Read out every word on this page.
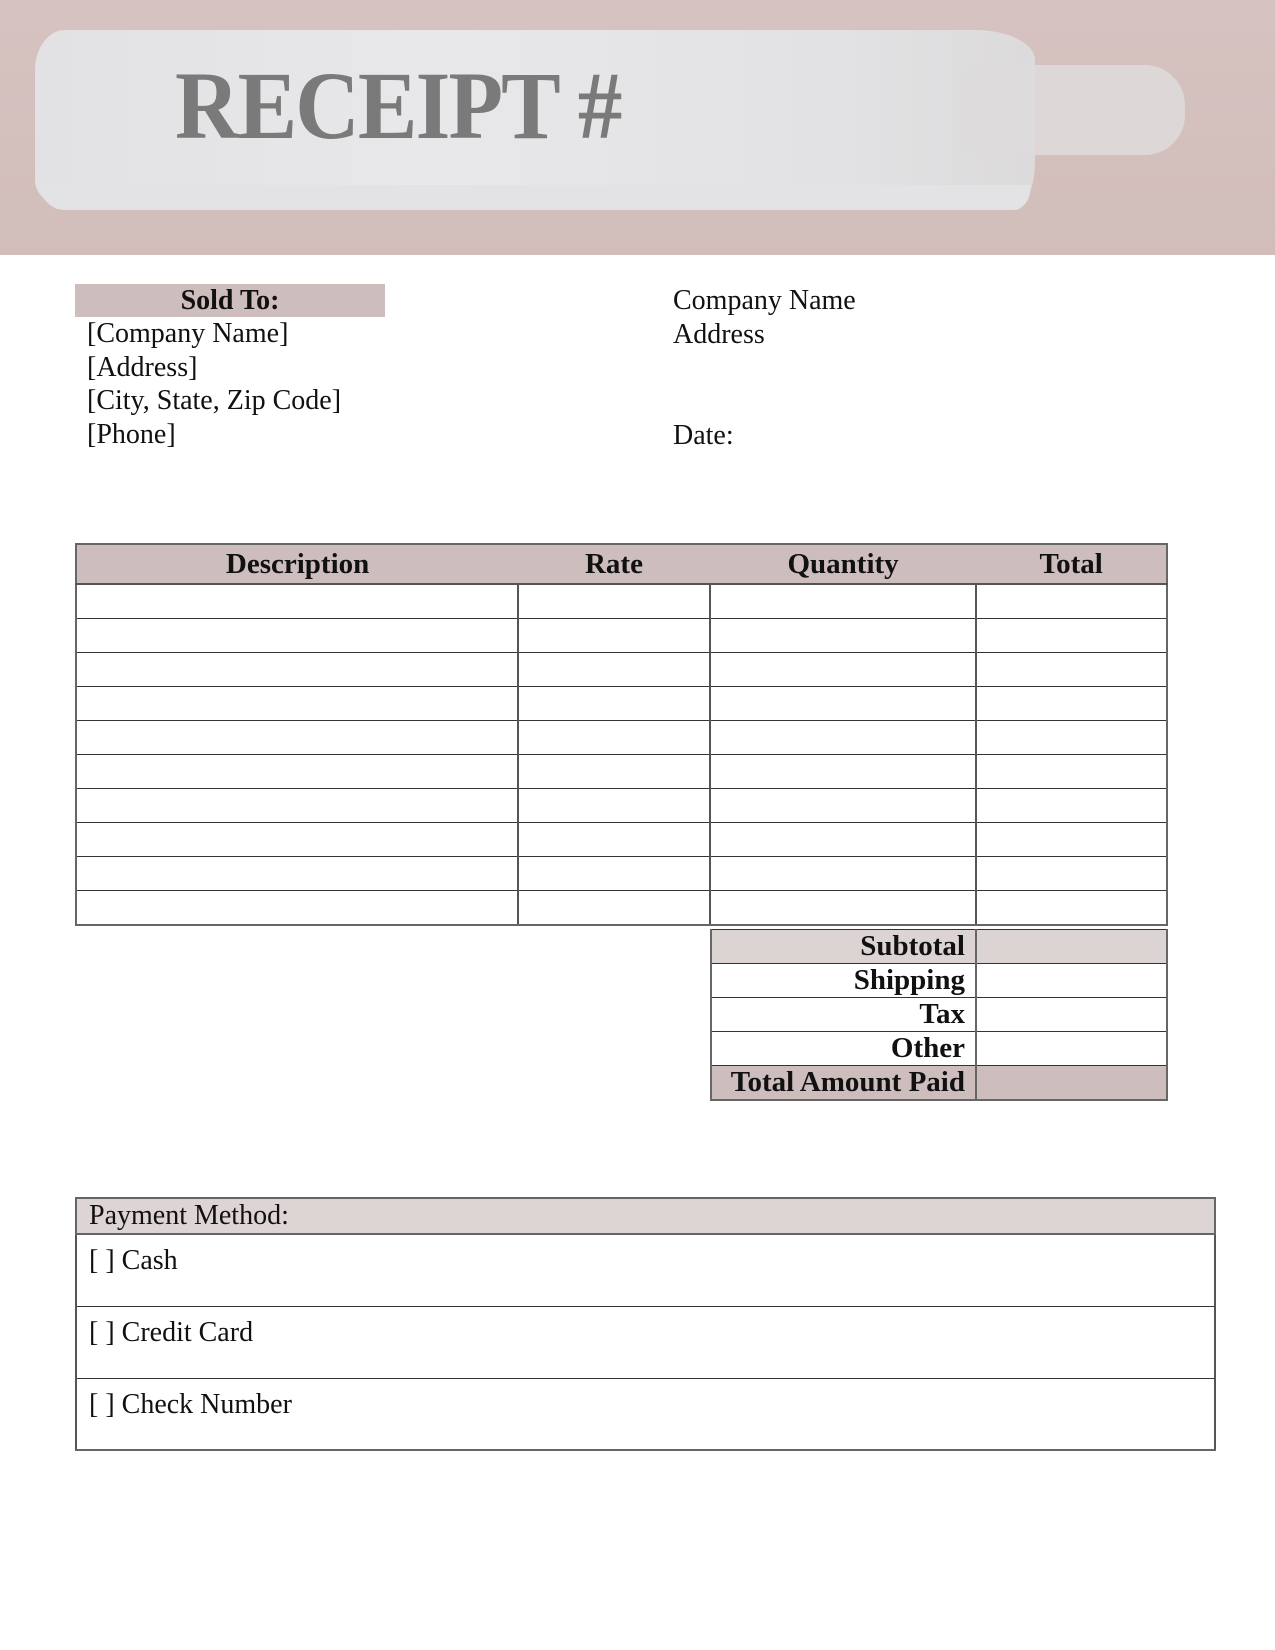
RECEIPT #
Sold To:
[Company Name]
[Address]
[City, State, Zip Code]
[Phone]
Company Name
Address
Date:
Description	Rate	Quantity	Total

Subtotal	
Shipping	
Tax	
Other	
Total Amount Paid	
Payment Method:
[ ] Cash
[ ] Credit Card
[ ] Check Number
